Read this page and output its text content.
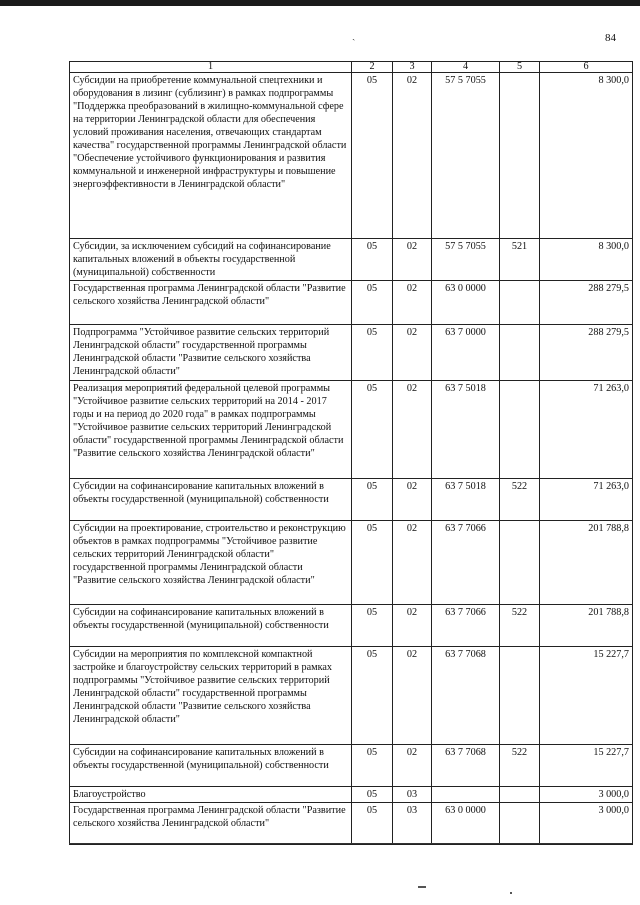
ˎ	84
1	2	3	4	5	6
Субсидии на приобретение коммунальной спецтехники и оборудования в лизинг (сублизинг) в рамках подпрограммы "Поддержка преобразований в жилищно-коммунальной сфере на территории Ленинградской области для обеспечения условий проживания населения, отвечающих стандартам качества" государственной программы Ленинградской области "Обеспечение устойчивого функционирования и развития коммунальной и инженерной инфраструктуры и повышение энергоэффективности в Ленинградской области"	05	02	57 5 7055		8 300,0
Субсидии, за исключением субсидий на софинансирование капитальных вложений в объекты государственной (муниципальной) собственности	05	02	57 5 7055	521	8 300,0
Государственная программа Ленинградской области "Развитие сельского хозяйства Ленинградской области"	05	02	63 0 0000		288 279,5
Подпрограмма "Устойчивое развитие сельских территорий Ленинградской области" государственной программы Ленинградской области "Развитие сельского хозяйства Ленинградской области"	05	02	63 7 0000		288 279,5
Реализация мероприятий федеральной целевой программы "Устойчивое развитие сельских территорий на 2014 - 2017 годы и на период до 2020 года" в рамках подпрограммы "Устойчивое развитие сельских территорий Ленинградской области" государственной программы Ленинградской области "Развитие сельского хозяйства Ленинградской области"	05	02	63 7 5018		71 263,0
Субсидии на софинансирование капитальных вложений в объекты государственной (муниципальной) собственности	05	02	63 7 5018	522	71 263,0
Субсидии на проектирование, строительство и реконструкцию объектов в рамках подпрограммы "Устойчивое развитие сельских территорий Ленинградской области" государственной программы Ленинградской области "Развитие сельского хозяйства Ленинградской области"	05	02	63 7 7066		201 788,8
Субсидии на софинансирование капитальных вложений в объекты государственной (муниципальной) собственности	05	02	63 7 7066	522	201 788,8
Субсидии на мероприятия по комплексной компактной застройке и благоустройству сельских территорий в рамках подпрограммы "Устойчивое развитие сельских территорий Ленинградской области" государственной программы Ленинградской области "Развитие сельского хозяйства Ленинградской области"	05	02	63 7 7068		15 227,7
Субсидии на софинансирование капитальных вложений в объекты государственной (муниципальной) собственности	05	02	63 7 7068	522	15 227,7
Благоустройство	05	03			3 000,0
Государственная программа Ленинградской области "Развитие сельского хозяйства Ленинградской области"	05	03	63 0 0000		3 000,0
